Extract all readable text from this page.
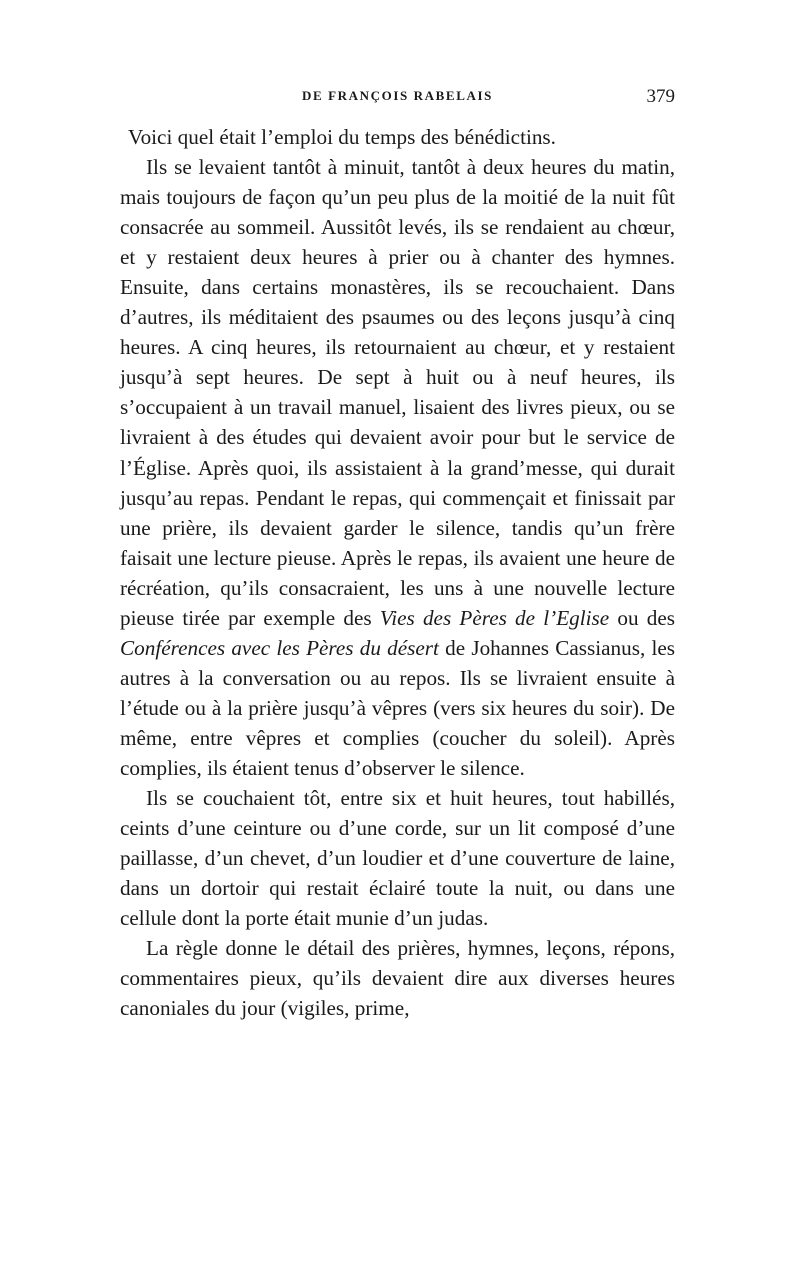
DE FRANÇOIS RABELAIS	379

Voici quel était l’emploi du temps des bénédictins.

Ils se levaient tantôt à minuit, tantôt à deux heures du matin, mais toujours de façon qu’un peu plus de la moitié de la nuit fût consacrée au sommeil. Aussitôt levés, ils se rendaient au chœur, et y restaient deux heures à prier ou à chanter des hymnes. Ensuite, dans certains monastères, ils se recouchaient. Dans d’autres, ils méditaient des psaumes ou des leçons jusqu’à cinq heures. A cinq heures, ils retournaient au chœur, et y restaient jusqu’à sept heures. De sept à huit ou à neuf heures, ils s’occupaient à un travail manuel, lisaient des livres pieux, ou se livraient à des études qui devaient avoir pour but le service de l’Église. Après quoi, ils assistaient à la grand’messe, qui durait jusqu’au repas. Pendant le repas, qui commençait et finissait par une prière, ils devaient garder le silence, tandis qu’un frère faisait une lecture pieuse. Après le repas, ils avaient une heure de récréation, qu’ils consacraient, les uns à une nouvelle lecture pieuse tirée par exemple des Vies des Pères de l’Eglise ou des Conférences avec les Pères du désert de Johannes Cassianus, les autres à la conversation ou au repos. Ils se livraient ensuite à l’étude ou à la prière jusqu’à vêpres (vers six heures du soir). De même, entre vêpres et complies (coucher du soleil). Après complies, ils étaient tenus d’observer le silence.

Ils se couchaient tôt, entre six et huit heures, tout habillés, ceints d’une ceinture ou d’une corde, sur un lit composé d’une paillasse, d’un chevet, d’un loudier et d’une couverture de laine, dans un dortoir qui restait éclairé toute la nuit, ou dans une cellule dont la porte était munie d’un judas.

La règle donne le détail des prières, hymnes, leçons, répons, commentaires pieux, qu’ils devaient dire aux diverses heures canoniales du jour (vigiles, prime,
